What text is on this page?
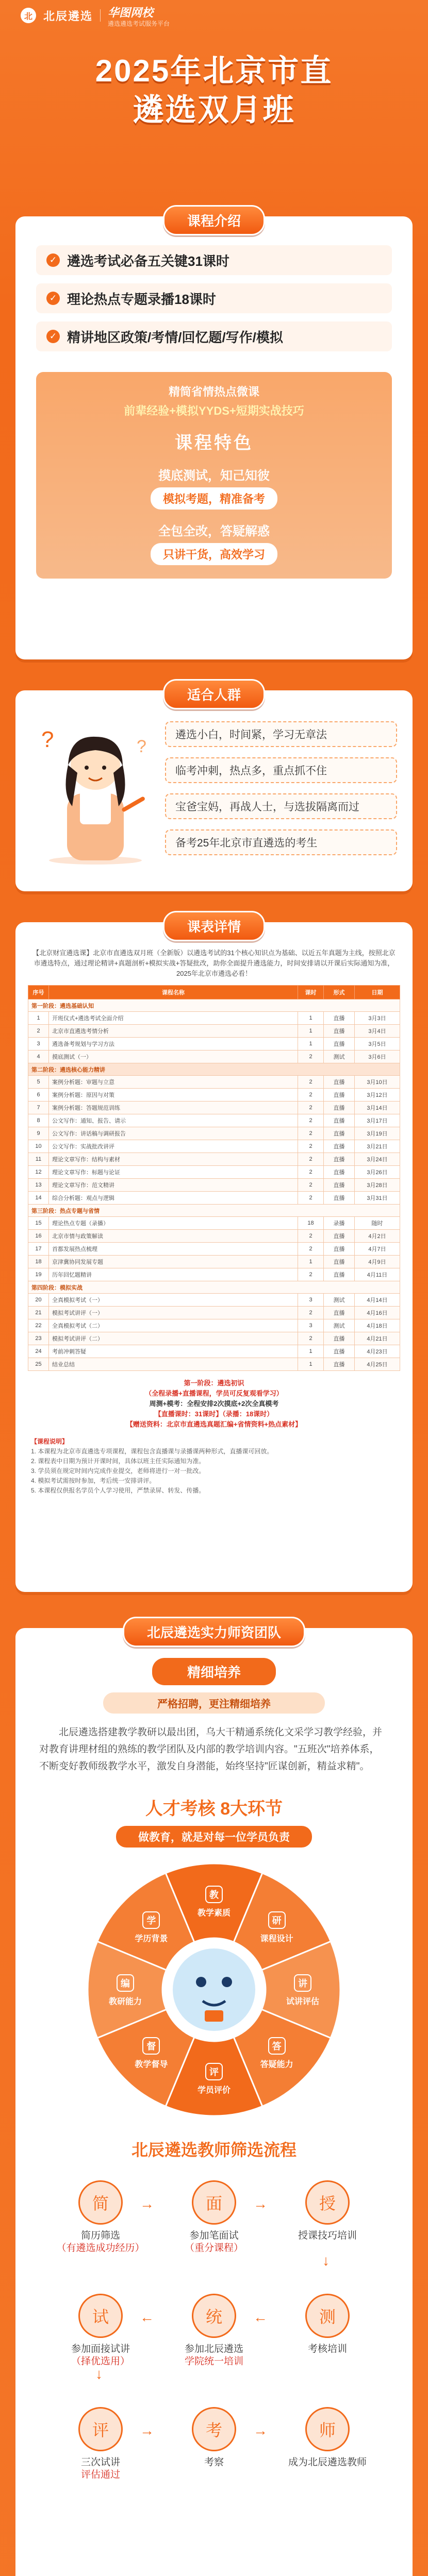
北 北辰遴选 华图网校
遴选遴选考试服务平台
2025年北京市直
遴选双月班
课程介绍
✓ 遴选考试必备五关键31课时
✓ 理论热点专题录播18课时
✓ 精讲地区政策/考情/回忆题/写作/模拟
精简省情热点微课
前辈经验+模拟YYDS+短期实战技巧
课程特色
摸底测试，知己知彼
模拟考题，精准备考
全包全改，答疑解惑
只讲干货，高效学习
适合人群
?	?
遴选小白，时间紧，学习无章法
临考冲刺，热点多，重点抓不住
宝爸宝妈，再战人士，与选拔隔离而过
备考25年北京市直遴选的考生
课表详情
【北京财宣遴选课】北京市直遴选双月班（全新版）以遴选考试的31个核心知识点为基础、以近五年真题为主线，按照北京市遴选特点，通过理论精讲+真题剖析+模拟实战+答疑批改，助你全面提升遴选能力，时间安排请以开课后实际通知为准，2025年北京市遴选必看！
序号	课程名称	课时	形式	日期
第一阶段：遴选基础认知				
1	开班仪式+遴选考试全面介绍	1	直播	3月3日
2	北京市直遴选考情分析	1	直播	3月4日
3	遴选备考规划与学习方法	1	直播	3月5日
4	摸底测试（一）	2	测试	3月6日
第二阶段：遴选核心能力精讲				
5	案例分析题：审题与立意	2	直播	3月10日
6	案例分析题：原因与对策	2	直播	3月12日
7	案例分析题：答题规范训练	2	直播	3月14日
8	公文写作：通知、报告、请示	2	直播	3月17日
9	公文写作：讲话稿与调研报告	2	直播	3月19日
10	公文写作：实战批改讲评	2	直播	3月21日
11	理论文章写作：结构与素材	2	直播	3月24日
12	理论文章写作：标题与论证	2	直播	3月26日
13	理论文章写作：范文精讲	2	直播	3月28日
14	综合分析题：观点与逻辑	2	直播	3月31日
第三阶段：热点专题与省情				
15	理论热点专题（录播）	18	录播	随时
16	北京市情与政策解读	2	直播	4月2日
17	首都发展热点梳理	2	直播	4月7日
18	京津冀协同发展专题	1	直播	4月9日
19	历年回忆题精讲	2	直播	4月11日
第四阶段：模拟实战				
20	全真模拟考试（一）	3	测试	4月14日
21	模拟考试讲评（一）	2	直播	4月16日
22	全真模拟考试（二）	3	测试	4月18日
23	模拟考试讲评（二）	2	直播	4月21日
24	考前冲刺答疑	1	直播	4月23日
25	结业总结	1	直播	4月25日
第一阶段：遴选初识
（全程录播+直播课程，学员可反复观看学习）
周测+模考：全程安排2次摸底+2次全真模考
【直播课时：31课时】（录播：18课时）
【赠送资料：北京市直遴选真题汇编+省情资料+热点素材】
【课程说明】
1. 本课程为北京市直遴选专项课程，课程包含直播课与录播课两种形式，直播课可回放。
2. 课程表中日期为预计开课时间，具体以班主任实际通知为准。
3. 学员须在规定时间内完成作业提交，老师将进行一对一批改。
4. 模拟考试需按时参加，考后统一安排讲评。
5. 本课程仅供报名学员个人学习使用，严禁录屏、转发、传播。
北辰遴选实力师资团队
精细培养
严格招聘，更注精细培养
北辰遴选搭建教学教研以最出团，乌大干精通系统化文采学习教学经验，并对教育讲理材组的熟练的教学团队及内部的教学培训内容。"五班次"培养体系，不断变好教师级教学水平，激发自身潜能，始终坚持"匠谋创新，精益求精"。
人才考核 8大环节
做教育，就是对每一位学员负责
教
教学素质
研
课程设计
讲
试讲评估
答
答疑能力
评
学员评价
督
教学督导
编
教研能力
学
学历背景
北辰遴选教师筛选流程
简
简历筛选
（有遴选成功经历）
面
参加笔面试
（重分课程）
授
授课技巧培训
测
考核培训
统
参加北辰遴选
学院统一培训
试
参加面接试讲
（择优选用）
评
三次试讲
评估通过
考
考察
师
成为北辰遴选教师
→	→
↓
←
←
↓
→	→
